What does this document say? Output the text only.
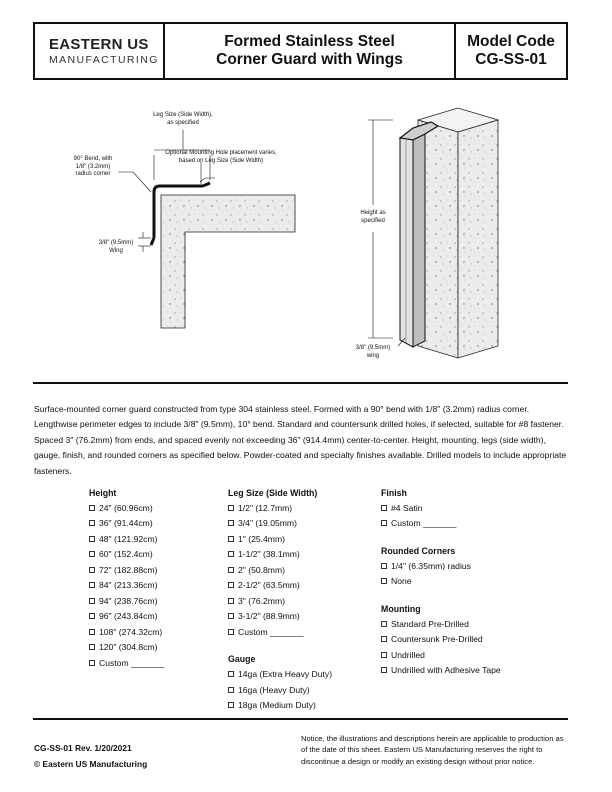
EASTERN US
MANUFACTURING
Formed Stainless Steel
Corner Guard with Wings
Model Code
CG-SS-01
Leg Size (Side Width),
as specified
Optional Mounting Hole placement varies,
based on Leg Size (Side Width)
90° Bend, with
1/8" (3.2mm)
radius corner
3/8" (9.5mm)
Wing
Height as
specified
3/8" (9.5mm)
wing
Surface-mounted corner guard constructed from type 304 stainless steel. Formed with a 90° bend with 1/8" (3.2mm) radius corner. Lengthwise perimeter edges to include 3/8" (9.5mm), 10° bend. Standard and countersunk drilled holes, if selected, suitable for #8 fastener. Spaced 3" (76.2mm) from ends, and spaced evenly not exceeding 36" (914.4mm) center-to-center. Height, mounting, legs (side width), gauge, finish, and rounded corners as specified below. Powder-coated and specialty finishes available. Drilled models to include appropriate fasteners.
Height
24" (60.96cm)
36" (91.44cm)
48" (121.92cm)
60" (152.4cm)
72" (182.88cm)
84" (213.36cm)
94" (238.76cm)
96" (243.84cm)
108" (274.32cm)
120" (304.8cm)
Custom _______
Leg Size (Side Width)
1/2" (12.7mm)
3/4" (19.05mm)
1" (25.4mm)
1-1/2" (38.1mm)
2" (50.8mm)
2-1/2" (63.5mm)
3" (76.2mm)
3-1/2" (88.9mm)
Custom _______
Gauge
14ga (Extra Heavy Duty)
16ga (Heavy Duty)
18ga (Medium Duty)
Finish
#4 Satin
Custom _______
Rounded Corners
1/4" (6.35mm) radius
None
Mounting
Standard Pre-Drilled
Countersunk Pre-Drilled
Undrilled
Undrilled with Adhesive Tape
CG-SS-01 Rev. 1/20/2021
© Eastern US Manufacturing
Notice, the illustrations and descriptions herein are applicable to production as of the date of this sheet. Eastern US Manufacturing reserves the right to discontinue a design or modify an existing design without prior notice.
